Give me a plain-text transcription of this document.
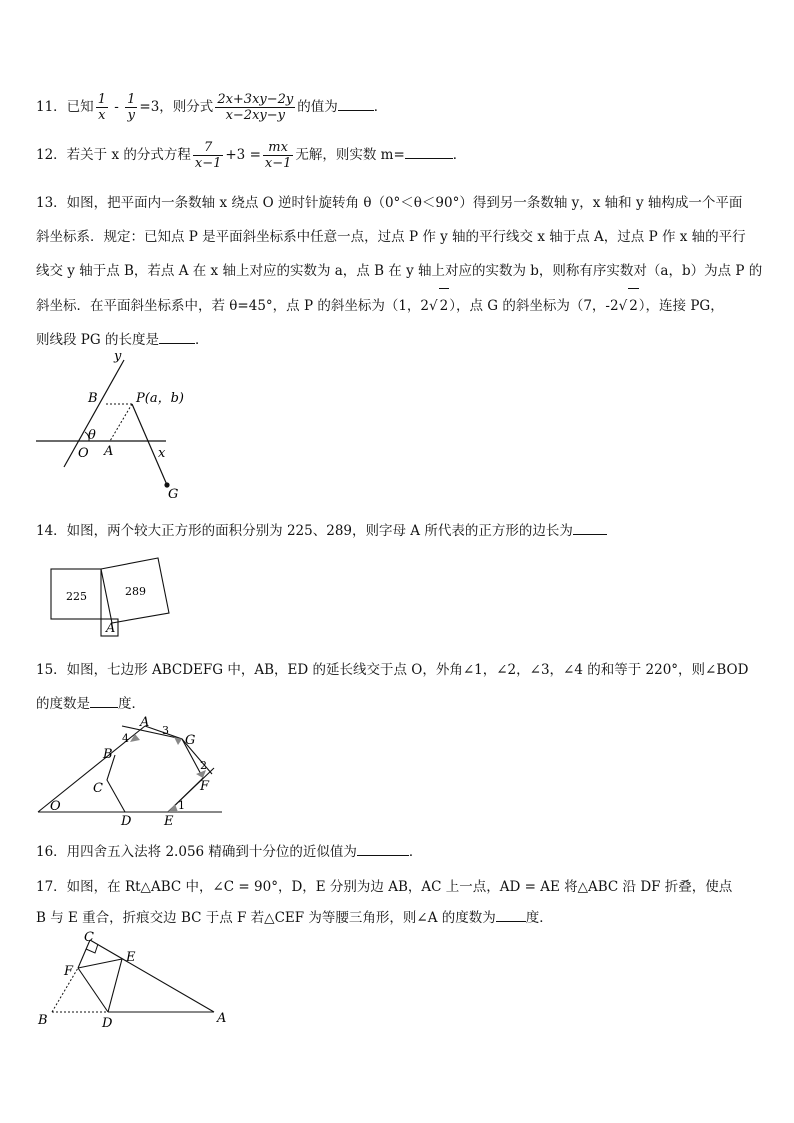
11．已知 $\frac{1}{x} - \frac{1}{y} =3$，则分式 $\frac{2x+3xy-2y}{x-2xy-y}$ 的值为	．
12．若关于 x 的分式方程 $\frac{7}{x-1} +3 = \frac{mx}{x-1}$ 无解，则实数 m=	．
13．如图，把平面内一条数轴 x 绕点 O 逆时针旋转角 θ（0°＜θ＜90°）得到另一条数轴 y，x 轴和 y 轴构成一个平面
斜坐标系．规定：已知点 P 是平面斜坐标系中任意一点，过点 P 作 y 轴的平行线交 x 轴于点 A，过点 P 作 x 轴的平行
线交 y 轴于点 B，若点 A 在 x 轴上对应的实数为 a，点 B 在 y 轴上对应的实数为 b，则称有序实数对（a，b）为点 P 的
斜坐标．在平面斜坐标系中，若 θ=45°，点 P 的斜坐标为（1，2√ 2），点 G 的斜坐标为（7，-2√ 2），连接 PG，
则线段 PG 的长度是	．
y
x
B	P(a，b)
O A
θ
G
14．如图，两个较大正方形的面积分别为 225、289，则字母 A 所代表的正方形的边长为
225	289
A
15．如图，七边形 ABCDEFG 中，AB，ED 的延长线交于点 O，外角∠1，∠2，∠3，∠4 的和等于 220°，则∠BOD
的度数是 度．
A
B
C
D	E
F
G
O	1
2
3
4
16．用四舍五入法将 2.056 精确到十分位的近似值为	．
17．如图，在 Rt△ABC 中，∠C = 90°，D，E 分别为边 AB，AC 上一点，AD = AE 将△ABC 沿 DF 折叠，使点
B 与 E 重合，折痕交边 BC 于点 F 若△CEF 为等腰三角形，则∠A 的度数为 度．
C
F
E
B	D	A
